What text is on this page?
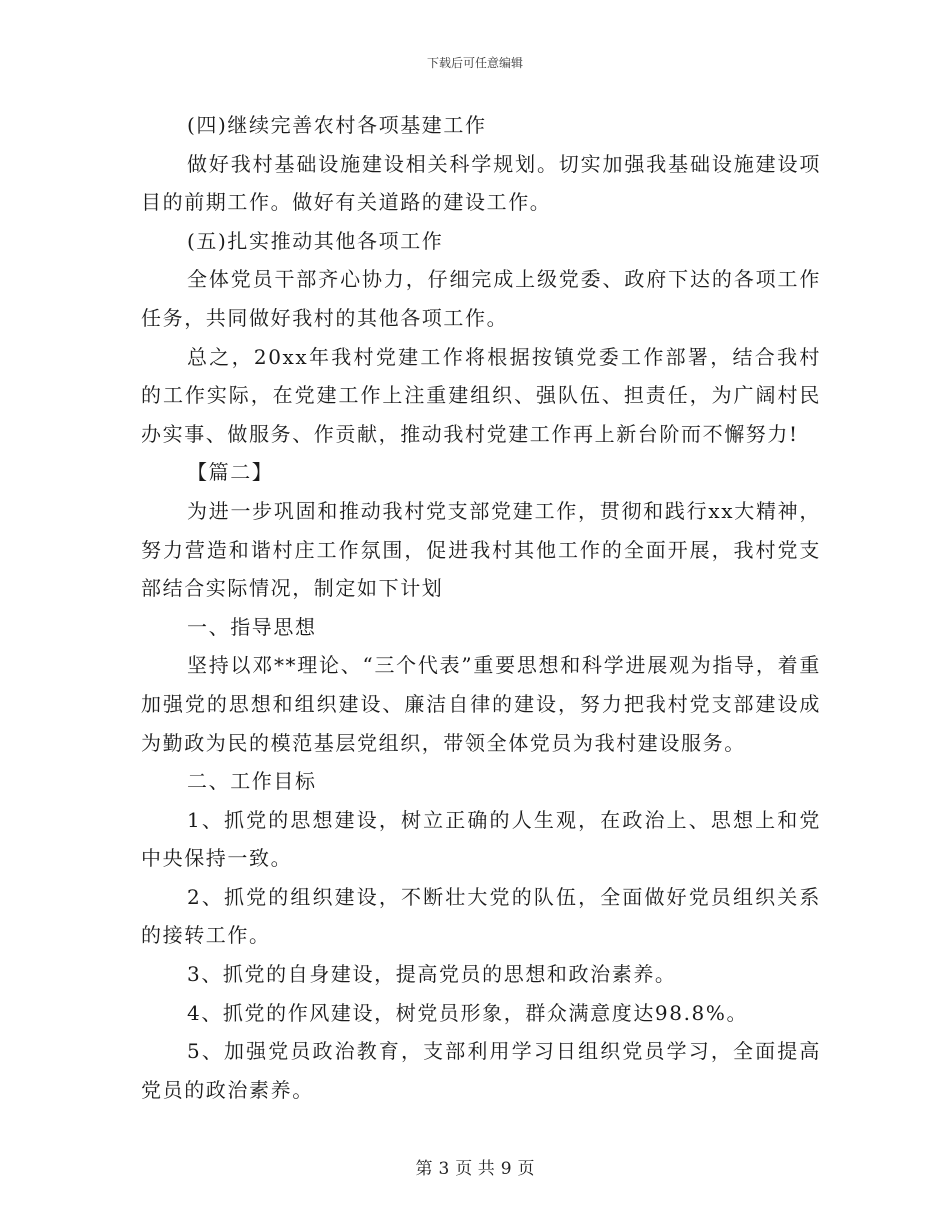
下载后可任意编辑

(四)继续完善农村各项基建工作

做好我村基础设施建设相关科学规划。切实加强我基础设施建设项目的前期工作。做好有关道路的建设工作。

(五)扎实推动其他各项工作

全体党员干部齐心协力，仔细完成上级党委、政府下达的各项工作任务，共同做好我村的其他各项工作。

总之，20xx年我村党建工作将根据按镇党委工作部署，结合我村的工作实际，在党建工作上注重建组织、强队伍、担责任，为广阔村民办实事、做服务、作贡献，推动我村党建工作再上新台阶而不懈努力!

【篇二】

为进一步巩固和推动我村党支部党建工作，贯彻和践行xx大精神，努力营造和谐村庄工作氛围，促进我村其他工作的全面开展，我村党支部结合实际情况，制定如下计划

一、指导思想

坚持以邓**理论、“三个代表”重要思想和科学进展观为指导，着重加强党的思想和组织建设、廉洁自律的建设，努力把我村党支部建设成为勤政为民的模范基层党组织，带领全体党员为我村建设服务。

二、工作目标

1、抓党的思想建设，树立正确的人生观，在政治上、思想上和党中央保持一致。

2、抓党的组织建设，不断壮大党的队伍，全面做好党员组织关系的接转工作。

3、抓党的自身建设，提高党员的思想和政治素养。

4、抓党的作风建设，树党员形象，群众满意度达98.8%。

5、加强党员政治教育，支部利用学习日组织党员学习，全面提高党员的政治素养。

第 3 页 共 9 页
